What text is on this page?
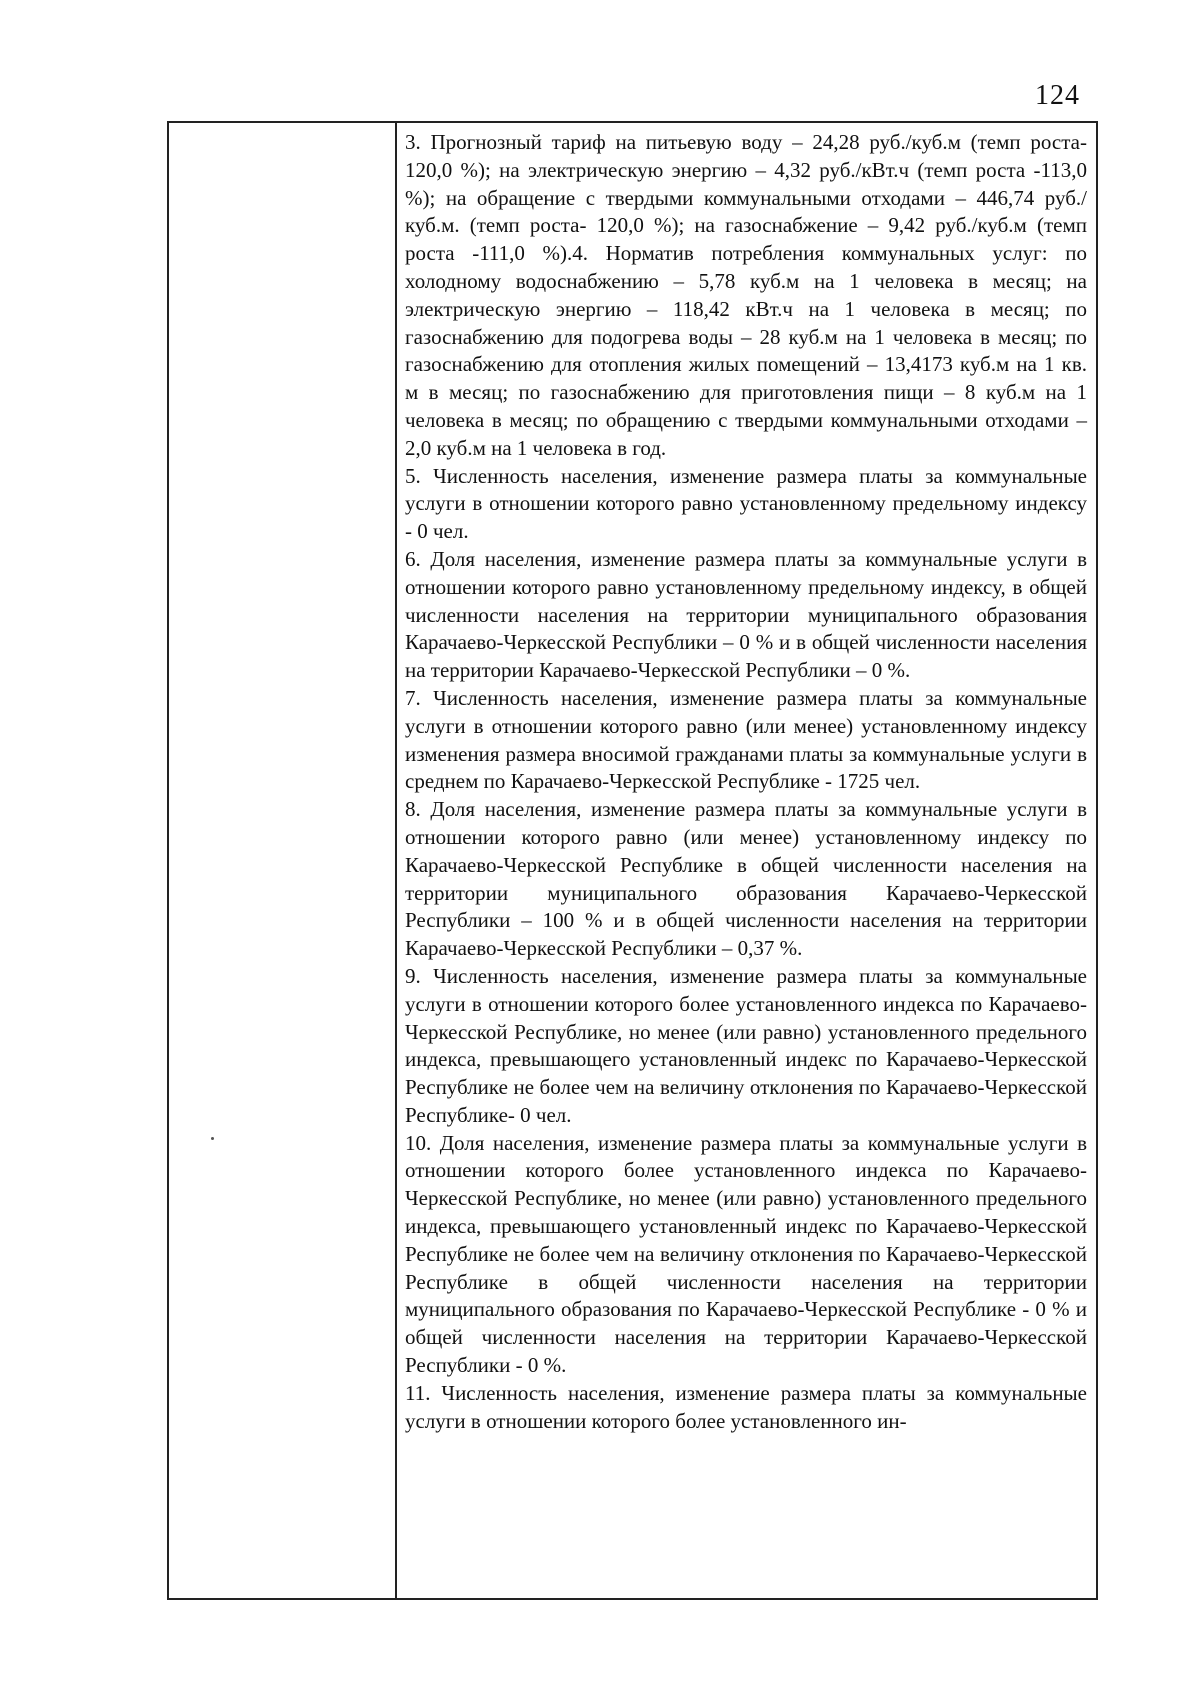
124

3. Прогнозный тариф на питьевую воду – 24,28 руб./куб.м (темп роста- 120,0 %); на электрическую энергию – 4,32 руб./кВт.ч (темп роста -113,0 %); на обращение с твердыми коммунальными отходами – 446,74 руб./куб.м. (темп роста- 120,0 %); на газоснабжение – 9,42 руб./куб.м (темп роста -111,0 %).4. Норматив потребления коммунальных услуг: по холодному водоснабжению – 5,78 куб.м на 1 человека в месяц; на электрическую энергию – 118,42 кВт.ч на 1 человека в месяц; по газоснабжению для подогрева воды – 28 куб.м на 1 человека в месяц; по газоснабжению для отопления жилых помещений – 13,4173 куб.м на 1 кв. м в месяц; по газоснабжению для приготовления пищи – 8 куб.м на 1 человека в месяц; по обращению с твердыми коммунальными отходами – 2,0 куб.м на 1 человека в год.

5. Численность населения, изменение размера платы за коммунальные услуги в отношении которого равно установленному предельному индексу - 0 чел.

6. Доля населения, изменение размера платы за коммунальные услуги в отношении которого равно установленному предельному индексу, в общей численности населения на территории муниципального образования Карачаево-Черкесской Республики – 0 % и в общей численности населения на территории Карачаево-Черкесской Республики – 0 %.

7. Численность населения, изменение размера платы за коммунальные услуги в отношении которого равно (или менее) установленному индексу изменения размера вносимой гражданами платы за коммунальные услуги в среднем по Карачаево-Черкесской Республике - 1725 чел.

8. Доля населения, изменение размера платы за коммунальные услуги в отношении которого равно (или менее) установленному индексу по Карачаево-Черкесской Республике в общей численности населения на территории муниципального образования Карачаево-Черкесской Республики – 100 % и в общей численности населения на территории Карачаево-Черкесской Республики – 0,37 %.

9. Численность населения, изменение размера платы за коммунальные услуги в отношении которого более установленного индекса по Карачаево-Черкесской Республике, но менее (или равно) установленного предельного индекса, превышающего установленный индекс по Карачаево-Черкесской Республике не более чем на величину отклонения по Карачаево-Черкесской Республике- 0 чел.

10. Доля населения, изменение размера платы за коммунальные услуги в отношении которого более установленного индекса по Карачаево-Черкесской Республике, но менее (или равно) установленного предельного индекса, превышающего установленный индекс по Карачаево-Черкесской Республике не более чем на величину отклонения по Карачаево-Черкесской Республике в общей численности населения на территории муниципального образования по Карачаево-Черкесской Республике - 0 % и общей численности населения на территории Карачаево-Черкесской Республики - 0 %.

11. Численность населения, изменение размера платы за коммунальные услуги в отношении которого более установленного ин-
